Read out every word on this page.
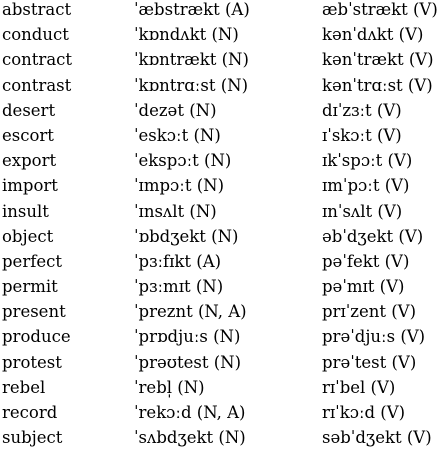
abstract	ˈæbstrækt (A)	æbˈstrækt (V)
conduct	ˈkɒndʌkt (N)	kənˈdʌkt (V)
contract	ˈkɒntrækt (N)	kənˈtrækt (V)
contrast	ˈkɒntrɑːst (N)	kənˈtrɑːst (V)
desert	ˈdezət (N)	dɪˈzɜːt (V)
escort	ˈeskɔːt (N)	ɪˈskɔːt (V)
export	ˈekspɔːt (N)	ɪkˈspɔːt (V)
import	ˈɪmpɔːt (N)	ɪmˈpɔːt (V)
insult	ˈɪnsʌlt (N)	ɪnˈsʌlt (V)
object	ˈɒbdʒekt (N)	əbˈdʒekt (V)
perfect	ˈpɜːfɪkt (A)	pəˈfekt (V)
permit	ˈpɜːmɪt (N)	pəˈmɪt (V)
present	ˈpreznt (N, A)	prɪˈzent (V)
produce	ˈprɒdjuːs (N)	prəˈdjuːs (V)
protest	ˈprəʊtest (N)	prəˈtest (V)
rebel	ˈrebl̩ (N)	rɪˈbel (V)
record	ˈrekɔːd (N, A)	rɪˈkɔːd (V)
subject	ˈsʌbdʒekt (N)	səbˈdʒekt (V)
